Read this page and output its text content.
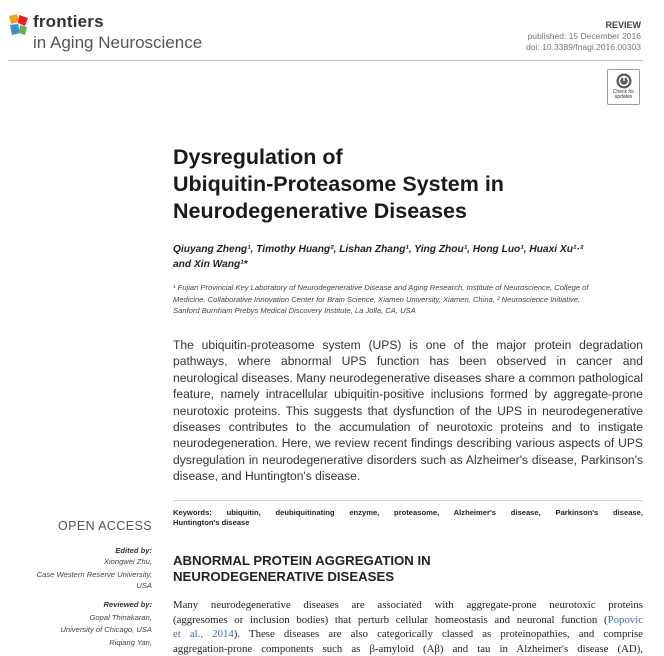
frontiers
in Aging Neuroscience
REVIEW
published: 15 December 2016
doi: 10.3389/fnagi.2016.00303
Check for
updates
Dysregulation of
Ubiquitin-Proteasome System in
Neurodegenerative Diseases
Qiuyang Zheng¹, Timothy Huang², Lishan Zhang¹, Ying Zhou¹, Hong Luo¹, Huaxi Xu¹·²
and Xin Wang¹*
¹ Fujian Provincial Key Laboratory of Neurodegenerative Disease and Aging Research, Institute of Neuroscience, College of
Medicine, Collaborative Innovation Center for Brain Science, Xiamen University, Xiamen, China, ² Neuroscience Initiative,
Sanford Burnham Prebys Medical Discovery Institute, La Jolla, CA, USA
The ubiquitin-proteasome system (UPS) is one of the major protein degradation
pathways, where abnormal UPS function has been observed in cancer and
neurological diseases. Many neurodegenerative diseases share a common pathological
feature, namely intracellular ubiquitin-positive inclusions formed by aggregate-prone
neurotoxic proteins. This suggests that dysfunction of the UPS in neurodegenerative
diseases contributes to the accumulation of neurotoxic proteins and to instigate
neurodegeneration. Here, we review recent findings describing various aspects of UPS
dysregulation in neurodegenerative disorders such as Alzheimer's disease, Parkinson's
disease, and Huntington's disease.
Keywords: ubiquitin, deubiquitinating enzyme, proteasome, Alzheimer's disease, Parkinson's disease,
Huntington's disease
OPEN ACCESS
Edited by:
Xiongwei Zhu,
Case Western Reserve University,
USA
Reviewed by:
Gopal Thinakaran,
University of Chicago, USA
Riqiang Yan,
ABNORMAL PROTEIN AGGREGATION IN
NEURODEGENERATIVE DISEASES
Many neurodegenerative diseases are associated with aggregate-prone neurotoxic proteins
(aggresomes or inclusion bodies) that perturb cellular homeostasis and neuronal function (Popovic
et al., 2014). These diseases are also categorically classed as proteinopathies, and comprise
aggregation-prone components such as β-amyloid (Aβ) and tau in Alzheimer's disease (AD),
